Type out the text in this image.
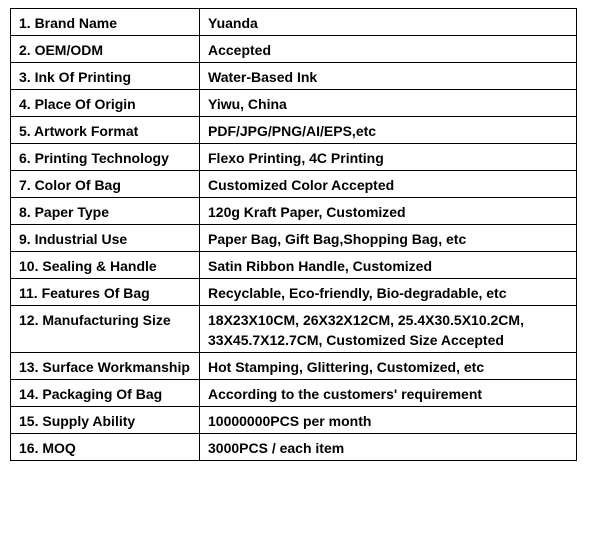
1. Brand Name	Yuanda
2. OEM/ODM	Accepted
3. Ink Of Printing	Water-Based Ink
4. Place Of Origin	Yiwu, China
5. Artwork Format	PDF/JPG/PNG/AI/EPS,etc
6. Printing Technology	Flexo Printing, 4C Printing
7. Color Of Bag	Customized Color Accepted
8. Paper Type	120g Kraft Paper, Customized
9. Industrial Use	Paper Bag, Gift Bag,Shopping Bag, etc
10. Sealing & Handle	Satin Ribbon Handle, Customized
11. Features Of Bag	Recyclable, Eco-friendly, Bio-degradable, etc
12. Manufacturing Size	18X23X10CM, 26X32X12CM, 25.4X30.5X10.2CM,
33X45.7X12.7CM, Customized Size Accepted

13. Surface Workmanship	Hot Stamping, Glittering, Customized, etc
14. Packaging Of Bag	According to the customers' requirement
15. Supply Ability	10000000PCS per month
16. MOQ	3000PCS / each item
